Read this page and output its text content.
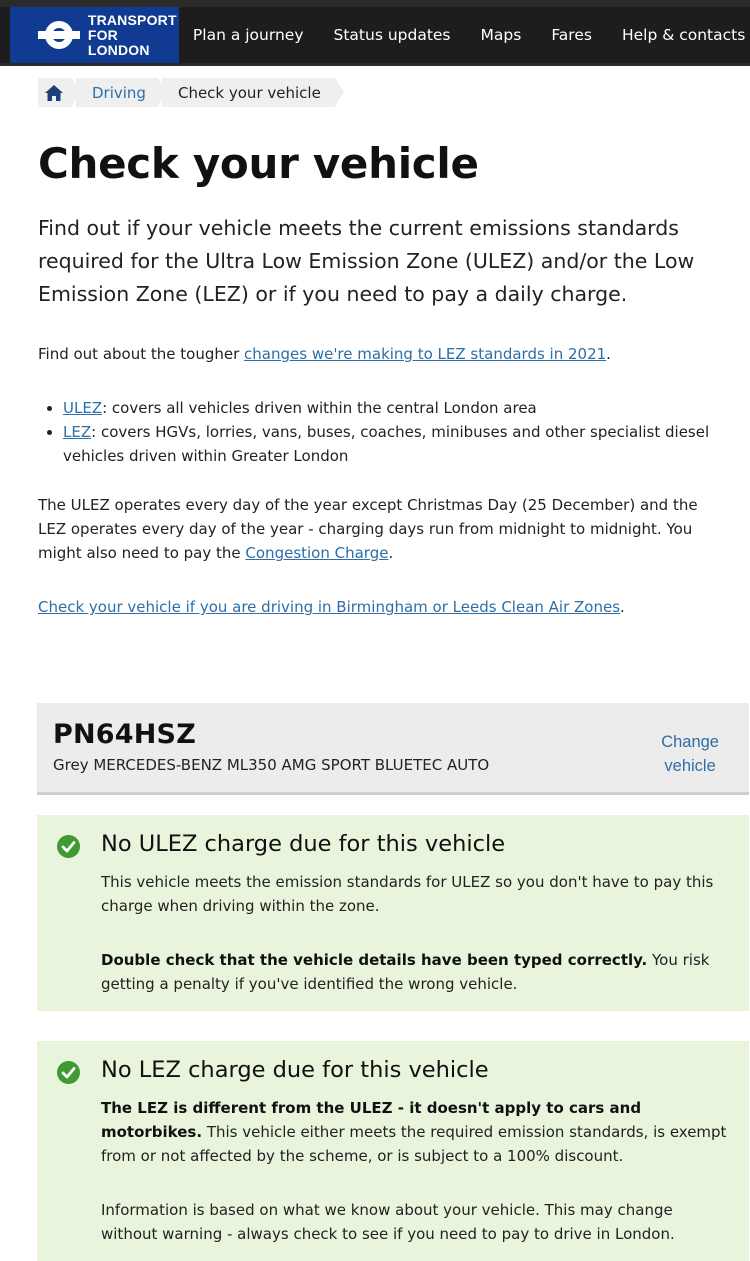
TRANSPORT
FOR LONDON
Plan a journey	Status updates	Maps	Fares	Help & contacts
Driving	Check your vehicle
Check your vehicle

Find out if your vehicle meets the current emissions standards required for the Ultra Low Emission Zone (ULEZ) and/or the Low Emission Zone (LEZ) or if you need to pay a daily charge.

Find out about the tougher changes we're making to LEZ standards in 2021.

• ULEZ: covers all vehicles driven within the central London area
• LEZ: covers HGVs, lorries, vans, buses, coaches, minibuses and other specialist diesel vehicles driven within Greater London

The ULEZ operates every day of the year except Christmas Day (25 December) and the LEZ operates every day of the year - charging days run from midnight to midnight. You might also need to pay the Congestion Charge.

Check your vehicle if you are driving in Birmingham or Leeds Clean Air Zones.

PN64HSZ
Grey MERCEDES-BENZ ML350 AMG SPORT BLUETEC AUTO
Change
vehicle
No ULEZ charge due for this vehicle

This vehicle meets the emission standards for ULEZ so you don't have to pay this charge when driving within the zone.

Double check that the vehicle details have been typed correctly. You risk getting a penalty if you've identified the wrong vehicle.

No LEZ charge due for this vehicle

The LEZ is different from the ULEZ - it doesn't apply to cars and motorbikes. This vehicle either meets the required emission standards, is exempt from or not affected by the scheme, or is subject to a 100% discount.

Information is based on what we know about your vehicle. This may change without warning - always check to see if you need to pay to drive in London.
